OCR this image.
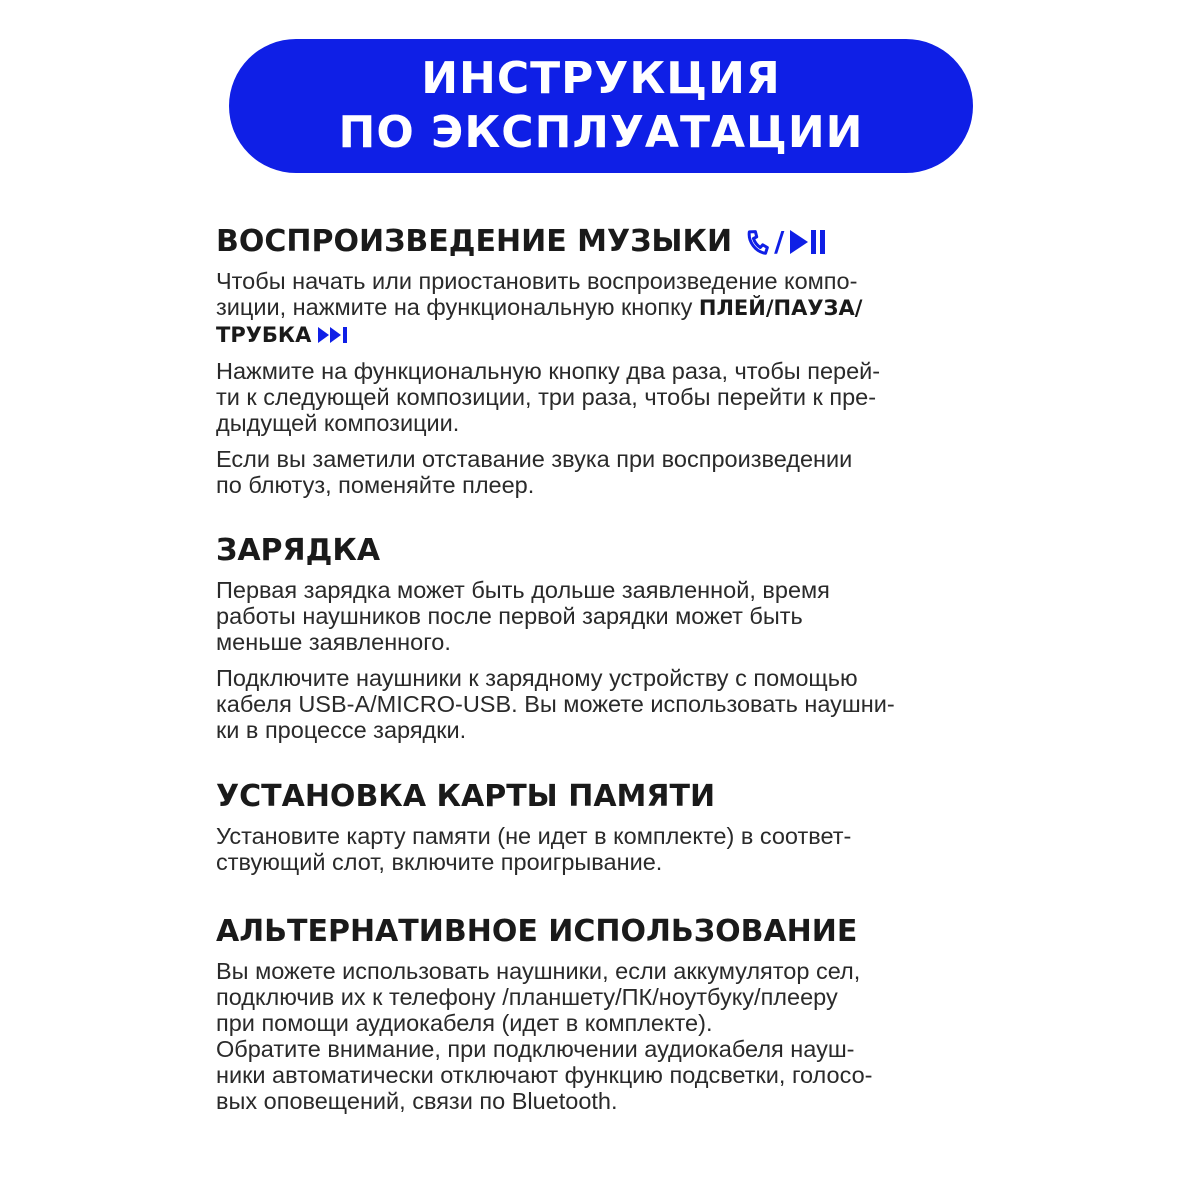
ИНСТРУКЦИЯ
ПО ЭКСПЛУАТАЦИИ
ВОСПРОИЗВЕДЕНИЕ МУЗЫКИ /
Чтобы начать или приостановить воспроизведение компо-
зиции, нажмите на функциональную кнопку ПЛЕЙ/ПАУЗА/
ТРУБКА
Нажмите на функциональную кнопку два раза, чтобы перей-
ти к следующей композиции, три раза, чтобы перейти к пре-
дыдущей композиции.
Если вы заметили отставание звука при воспроизведении
по блютуз, поменяйте плеер.
ЗАРЯДКА
Первая зарядка может быть дольше заявленной, время
работы наушников после первой зарядки может быть
меньше заявленного.
Подключите наушники к зарядному устройству с помощью
кабеля USB-A/MICRO-USB. Вы можете использовать наушни-
ки в процессе зарядки.
УСТАНОВКА КАРТЫ ПАМЯТИ
Установите карту памяти (не идет в комплекте) в соответ-
ствующий слот, включите проигрывание.
АЛЬТЕРНАТИВНОЕ ИСПОЛЬЗОВАНИЕ
Вы можете использовать наушники, если аккумулятор сел,
подключив их к телефону /планшету/ПК/ноутбуку/плееру
при помощи аудиокабеля (идет в комплекте).
Обратите внимание, при подключении аудиокабеля науш-
ники автоматически отключают функцию подсветки, голосо-
вых оповещений, связи по Bluetooth.
